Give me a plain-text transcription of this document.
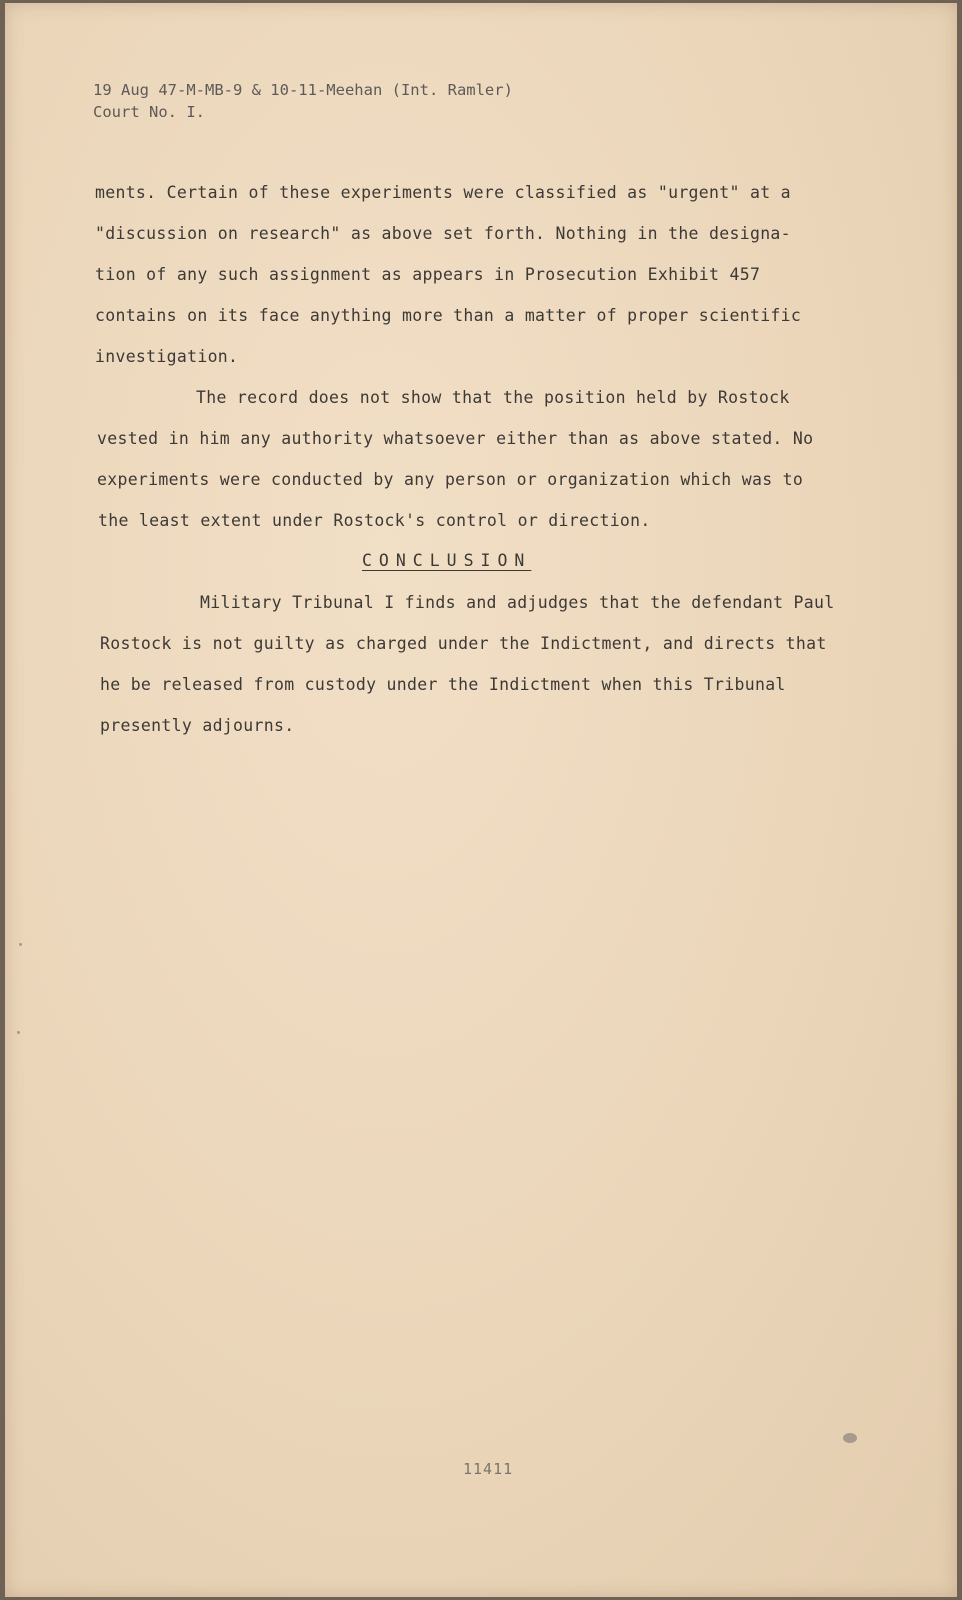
19 Aug 47-M-MB-9 & 10-11-Meehan (Int. Ramler)
Court No. I.
ments. Certain of these experiments were classified as "urgent" at a
"discussion on research" as above set forth. Nothing in the designa-
tion of any such assignment as appears in Prosecution Exhibit 457
contains on its face anything more than a matter of proper scientific
investigation.
The record does not show that the position held by Rostock
vested in him any authority whatsoever either than as above stated. No
experiments were conducted by any person or organization which was to
the least extent under Rostock's control or direction.
CONCLUSION
Military Tribunal I finds and adjudges that the defendant Paul
Rostock is not guilty as charged under the Indictment, and directs that
he be released from custody under the Indictment when this Tribunal
presently adjourns.
11411
